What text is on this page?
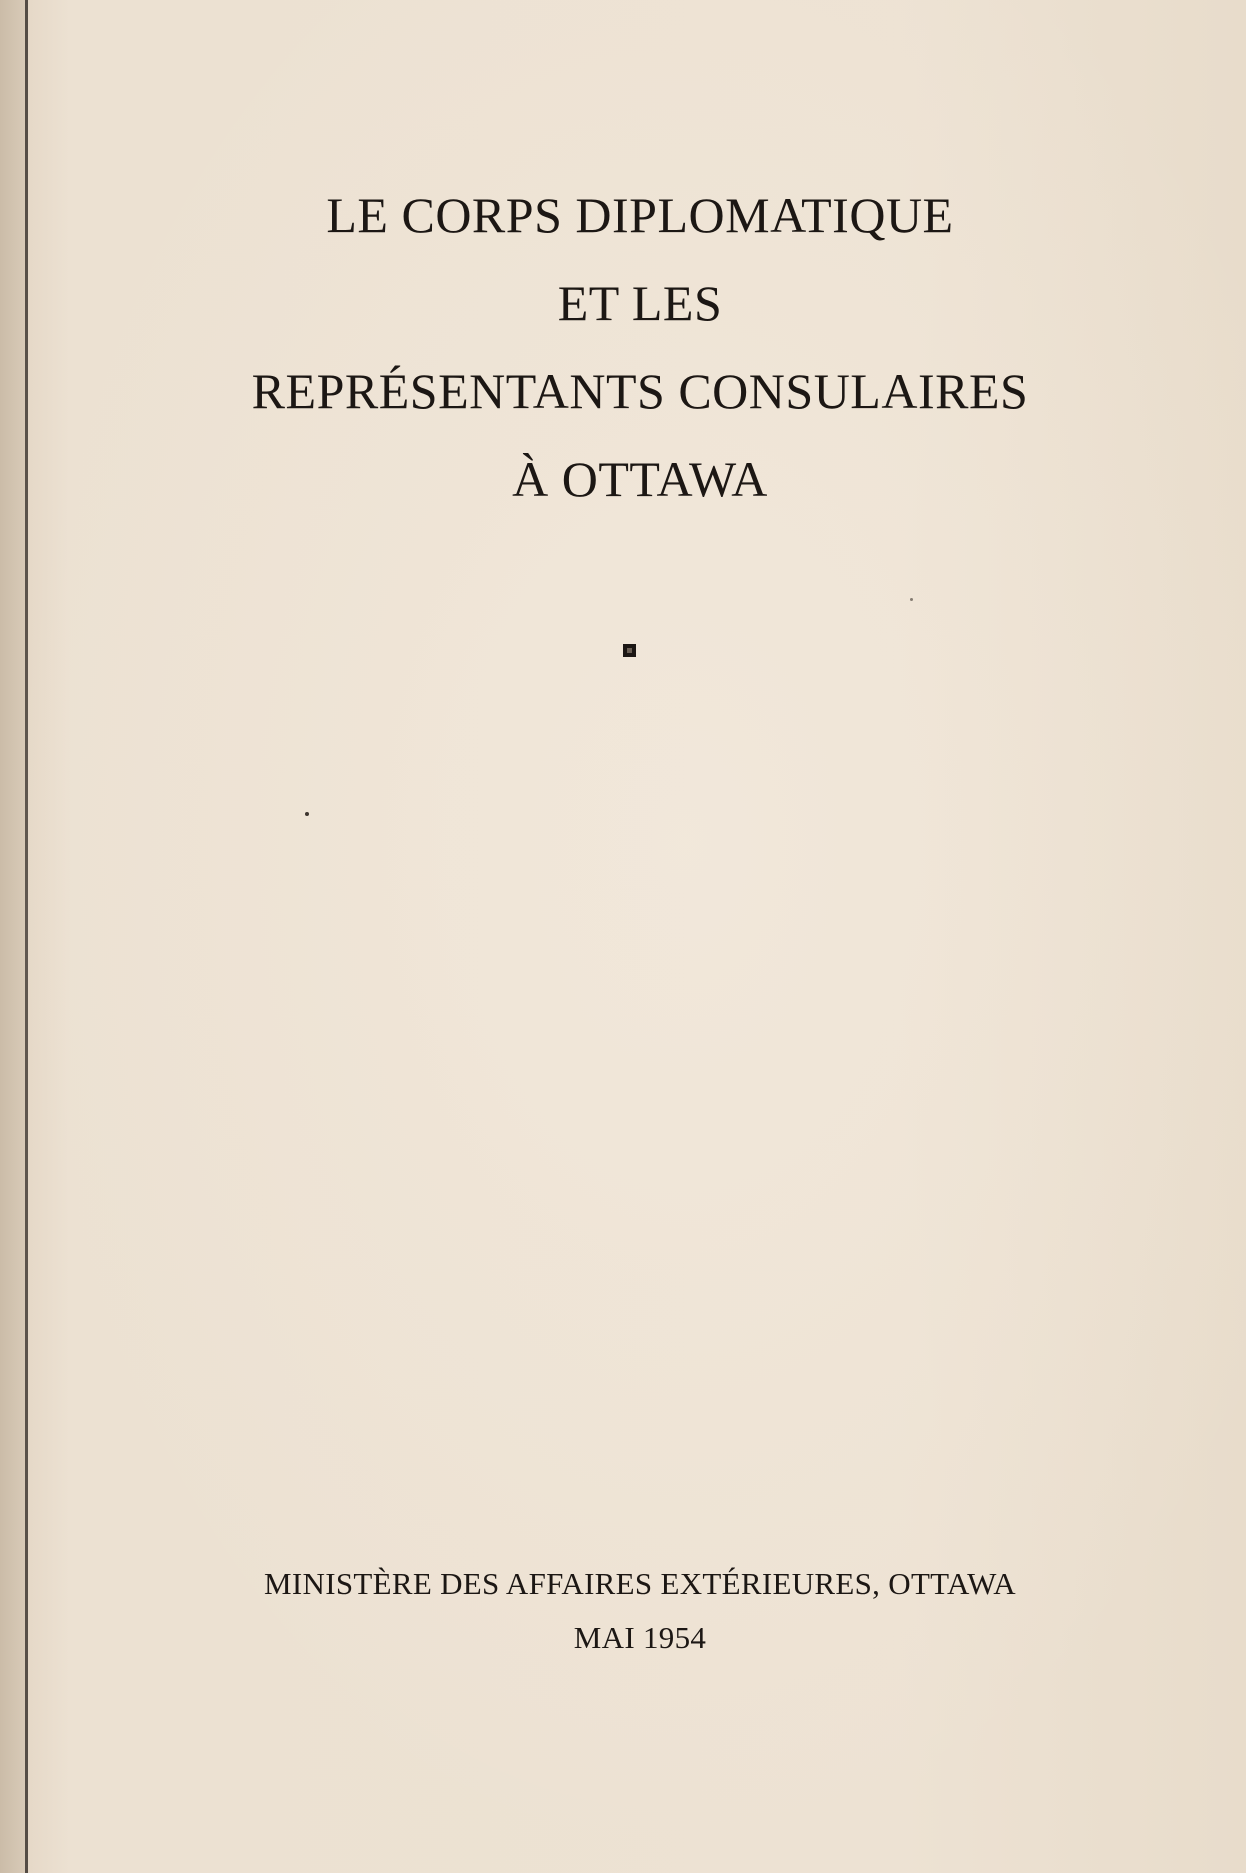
LE CORPS DIPLOMATIQUE
ET LES
REPRÉSENTANTS CONSULAIRES
À OTTAWA
MINISTÈRE DES AFFAIRES EXTÉRIEURES, OTTAWA
MAI 1954
